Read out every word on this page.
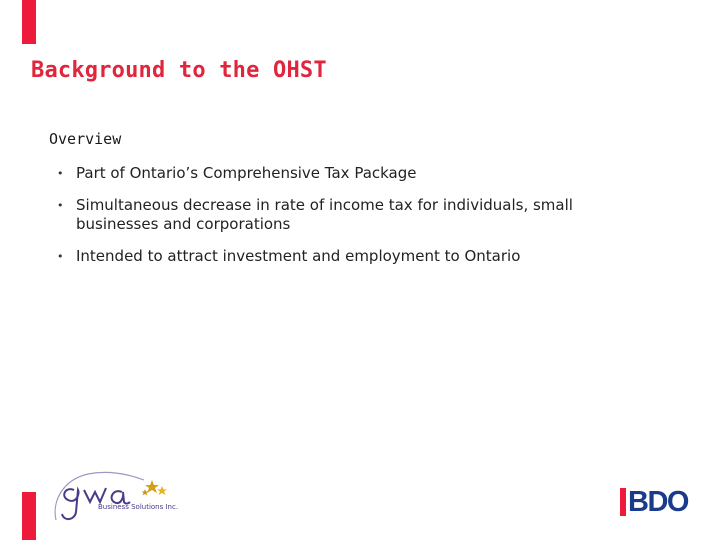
Background to the OHST
Overview
• Part of Ontario’s Comprehensive Tax Package
• Simultaneous decrease in rate of income tax for individuals, small businesses and corporations
• Intended to attract investment and employment to Ontario
Business Solutions Inc.	BDO
